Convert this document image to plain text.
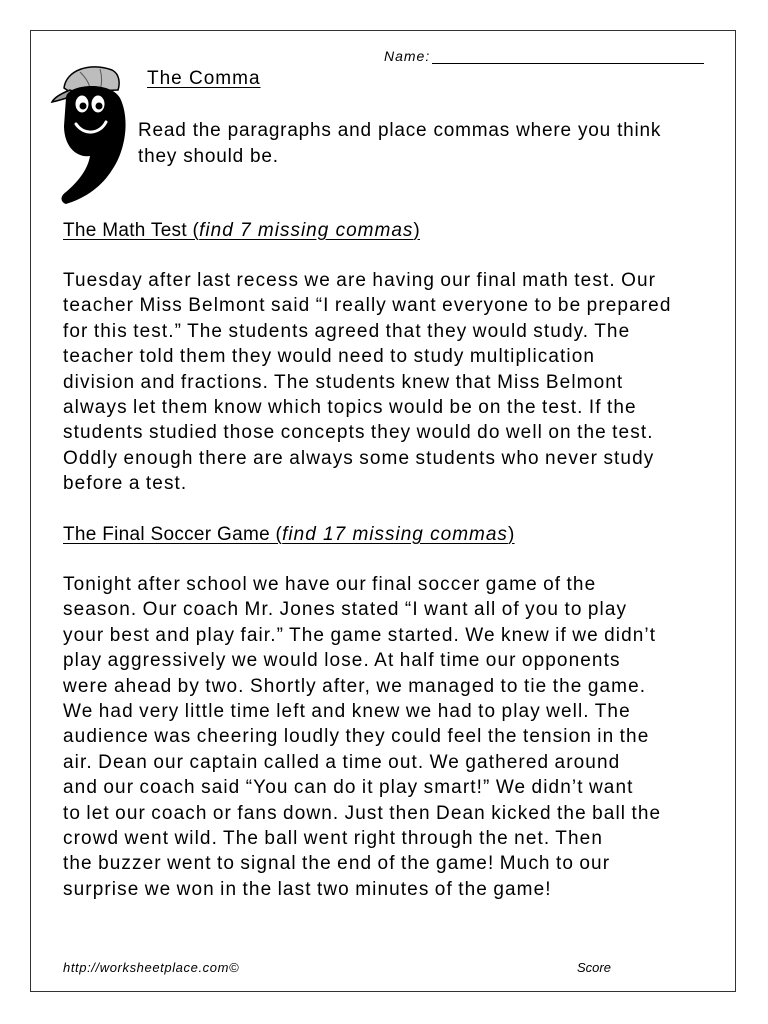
Name:
The Comma
Read the paragraphs and place commas where you think they should be.
The Math Test (find 7 missing commas)
Tuesday after last recess we are having our final math test. Our
teacher Miss Belmont said “I really want everyone to be prepared
for this test.” The students agreed that they would study. The
teacher told them they would need to study multiplication
division and fractions. The students knew that Miss Belmont
always let them know which topics would be on the test. If the
students studied those concepts they would do well on the test.
Oddly enough there are always some students who never study
before a test.
The Final Soccer Game (find 17 missing commas)
Tonight after school we have our final soccer game of the
season. Our coach Mr. Jones stated “I want all of you to play
your best and play fair.” The game started. We knew if we didn’t
play aggressively we would lose. At half time our opponents
were ahead by two. Shortly after, we managed to tie the game.
We had very little time left and knew we had to play well. The
audience was cheering loudly they could feel the tension in the
air. Dean our captain called a time out. We gathered around
and our coach said “You can do it play smart!” We didn’t want
to let our coach or fans down. Just then Dean kicked the ball the
crowd went wild. The ball went right through the net. Then
the buzzer went to signal the end of the game! Much to our
surprise we won in the last two minutes of the game!
http://worksheetplace.com©	Score
